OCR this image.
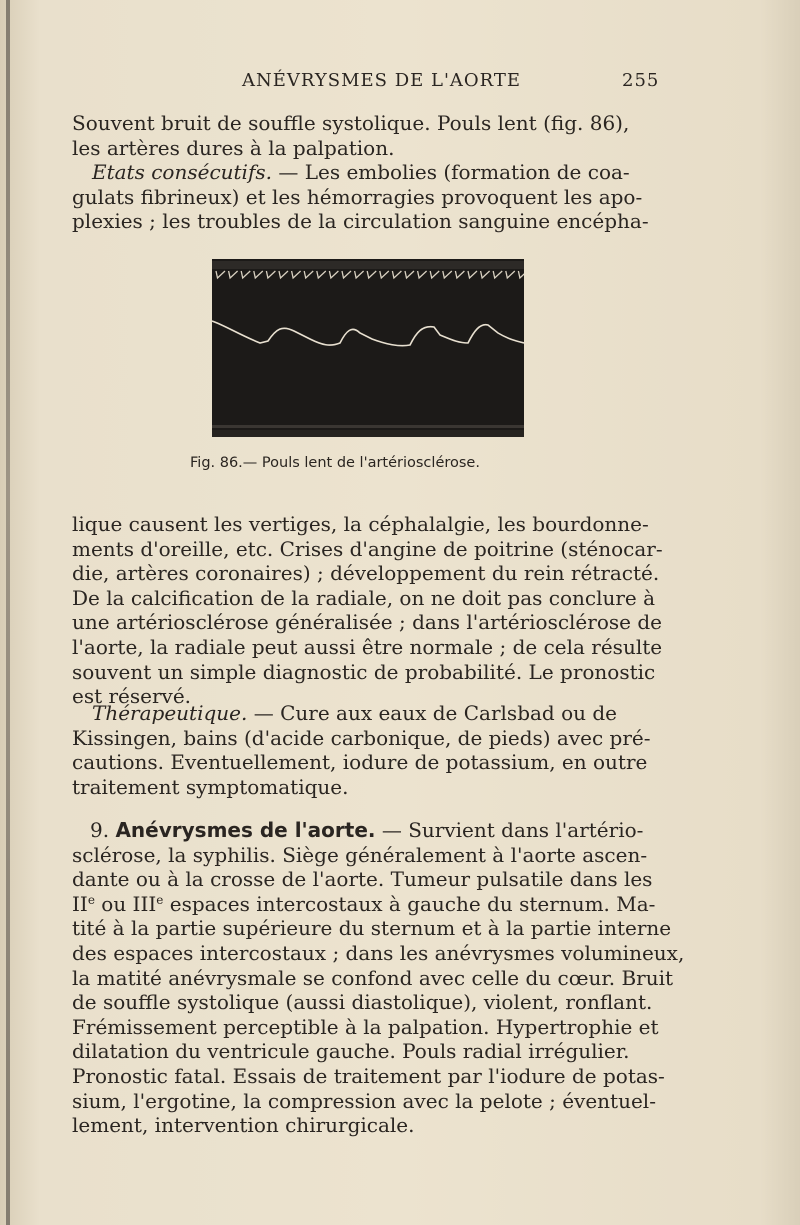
ANÉVRYSMES DE L'AORTE	255

Souvent bruit de souffle systolique. Pouls lent (fig. 86),
les artères dures à la palpation.

Etats consécutifs. — Les embolies (formation de coa-
gulats fibrineux) et les hémorragies provoquent les apo-
plexies ; les troubles de la circulation sanguine encépha-

Fig. 86.— Pouls lent de l'artériosclérose.

lique causent les vertiges, la céphalalgie, les bourdonne-
ments d'oreille, etc. Crises d'angine de poitrine (sténocar-
die, artères coronaires) ; développement du rein rétracté.
De la calcification de la radiale, on ne doit pas conclure à
une artériosclérose généralisée ; dans l'artériosclérose de
l'aorte, la radiale peut aussi être normale ; de cela résulte
souvent un simple diagnostic de probabilité. Le pronostic
est réservé.

Thérapeutique. — Cure aux eaux de Carlsbad ou de
Kissingen, bains (d'acide carbonique, de pieds) avec pré-
cautions. Eventuellement, iodure de potassium, en outre
traitement symptomatique.

9. Anévrysmes de l'aorte. — Survient dans l'artério-
sclérose, la syphilis. Siège généralement à l'aorte ascen-
dante ou à la crosse de l'aorte. Tumeur pulsatile dans les
IIe ou IIIe espaces intercostaux à gauche du sternum. Ma-
tité à la partie supérieure du sternum et à la partie interne
des espaces intercostaux ; dans les anévrysmes volumineux,
la matité anévrysmale se confond avec celle du cœur. Bruit
de souffle systolique (aussi diastolique), violent, ronflant.
Frémissement perceptible à la palpation. Hypertrophie et
dilatation du ventricule gauche. Pouls radial irrégulier.
Pronostic fatal. Essais de traitement par l'iodure de potas-
sium, l'ergotine, la compression avec la pelote ; éventuel-
lement, intervention chirurgicale.
